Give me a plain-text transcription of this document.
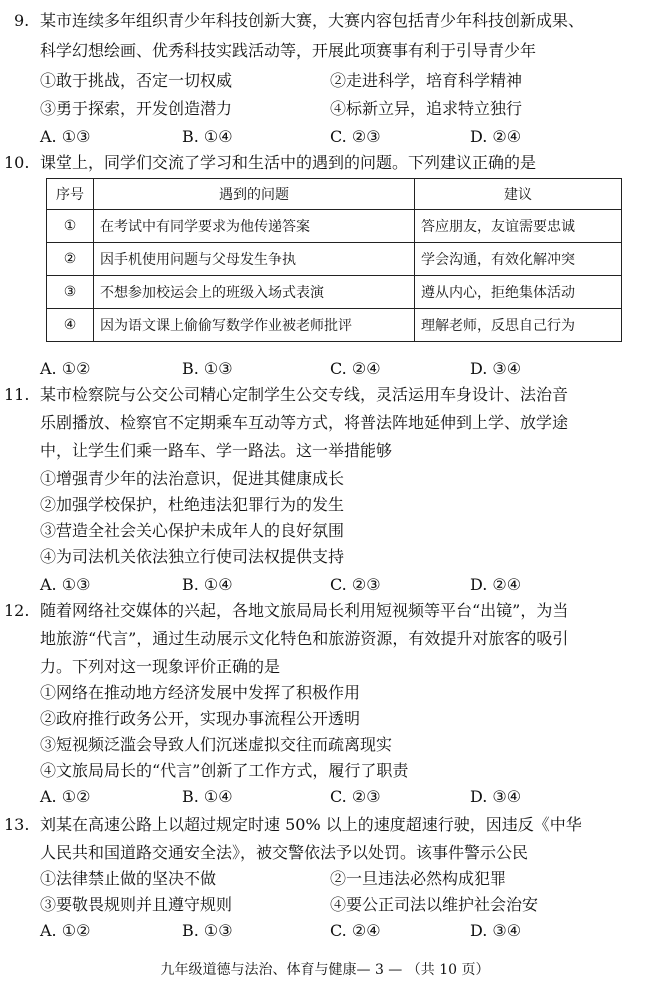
9. 某市连续多年组织青少年科技创新大赛，大赛内容包括青少年科技创新成果、
科学幻想绘画、优秀科技实践活动等，开展此项赛事有利于引导青少年
①敢于挑战，否定一切权威	②走进科学，培育科学精神
③勇于探索，开发创造潜力	④标新立异，追求特立独行
A. ①③	B. ①④	C. ②③	D. ②④
10. 课堂上，同学们交流了学习和生活中的遇到的问题。下列建议正确的是
序号	遇到的问题	建议
①	在考试中有同学要求为他传递答案	答应朋友，友谊需要忠诚
②	因手机使用问题与父母发生争执	学会沟通，有效化解冲突
③	不想参加校运会上的班级入场式表演	遵从内心，拒绝集体活动
④	因为语文课上偷偷写数学作业被老师批评	理解老师，反思自己行为
A. ①②	B. ①③	C. ②④	D. ③④
11. 某市检察院与公交公司精心定制学生公交专线，灵活运用车身设计、法治音
乐剧播放、检察官不定期乘车互动等方式，将普法阵地延伸到上学、放学途
中，让学生们乘一路车、学一路法。这一举措能够
①增强青少年的法治意识，促进其健康成长
②加强学校保护，杜绝违法犯罪行为的发生
③营造全社会关心保护未成年人的良好氛围
④为司法机关依法独立行使司法权提供支持
A. ①③	B. ①④	C. ②③	D. ②④
12. 随着网络社交媒体的兴起，各地文旅局局长利用短视频等平台“出镜”，为当
地旅游“代言”，通过生动展示文化特色和旅游资源，有效提升对旅客的吸引
力。下列对这一现象评价正确的是
①网络在推动地方经济发展中发挥了积极作用
②政府推行政务公开，实现办事流程公开透明
③短视频泛滥会导致人们沉迷虚拟交往而疏离现实
④文旅局局长的“代言”创新了工作方式，履行了职责
A. ①②	B. ①④	C. ②③	D. ③④
13. 刘某在高速公路上以超过规定时速 50% 以上的速度超速行驶，因违反《中华
人民共和国道路交通安全法》，被交警依法予以处罚。该事件警示公民
①法律禁止做的坚决不做	②一旦违法必然构成犯罪
③要敬畏规则并且遵守规则	④要公正司法以维护社会治安
A. ①②	B. ①③	C. ②④	D. ③④
九年级道德与法治、体育与健康— 3 — （共 10 页）
